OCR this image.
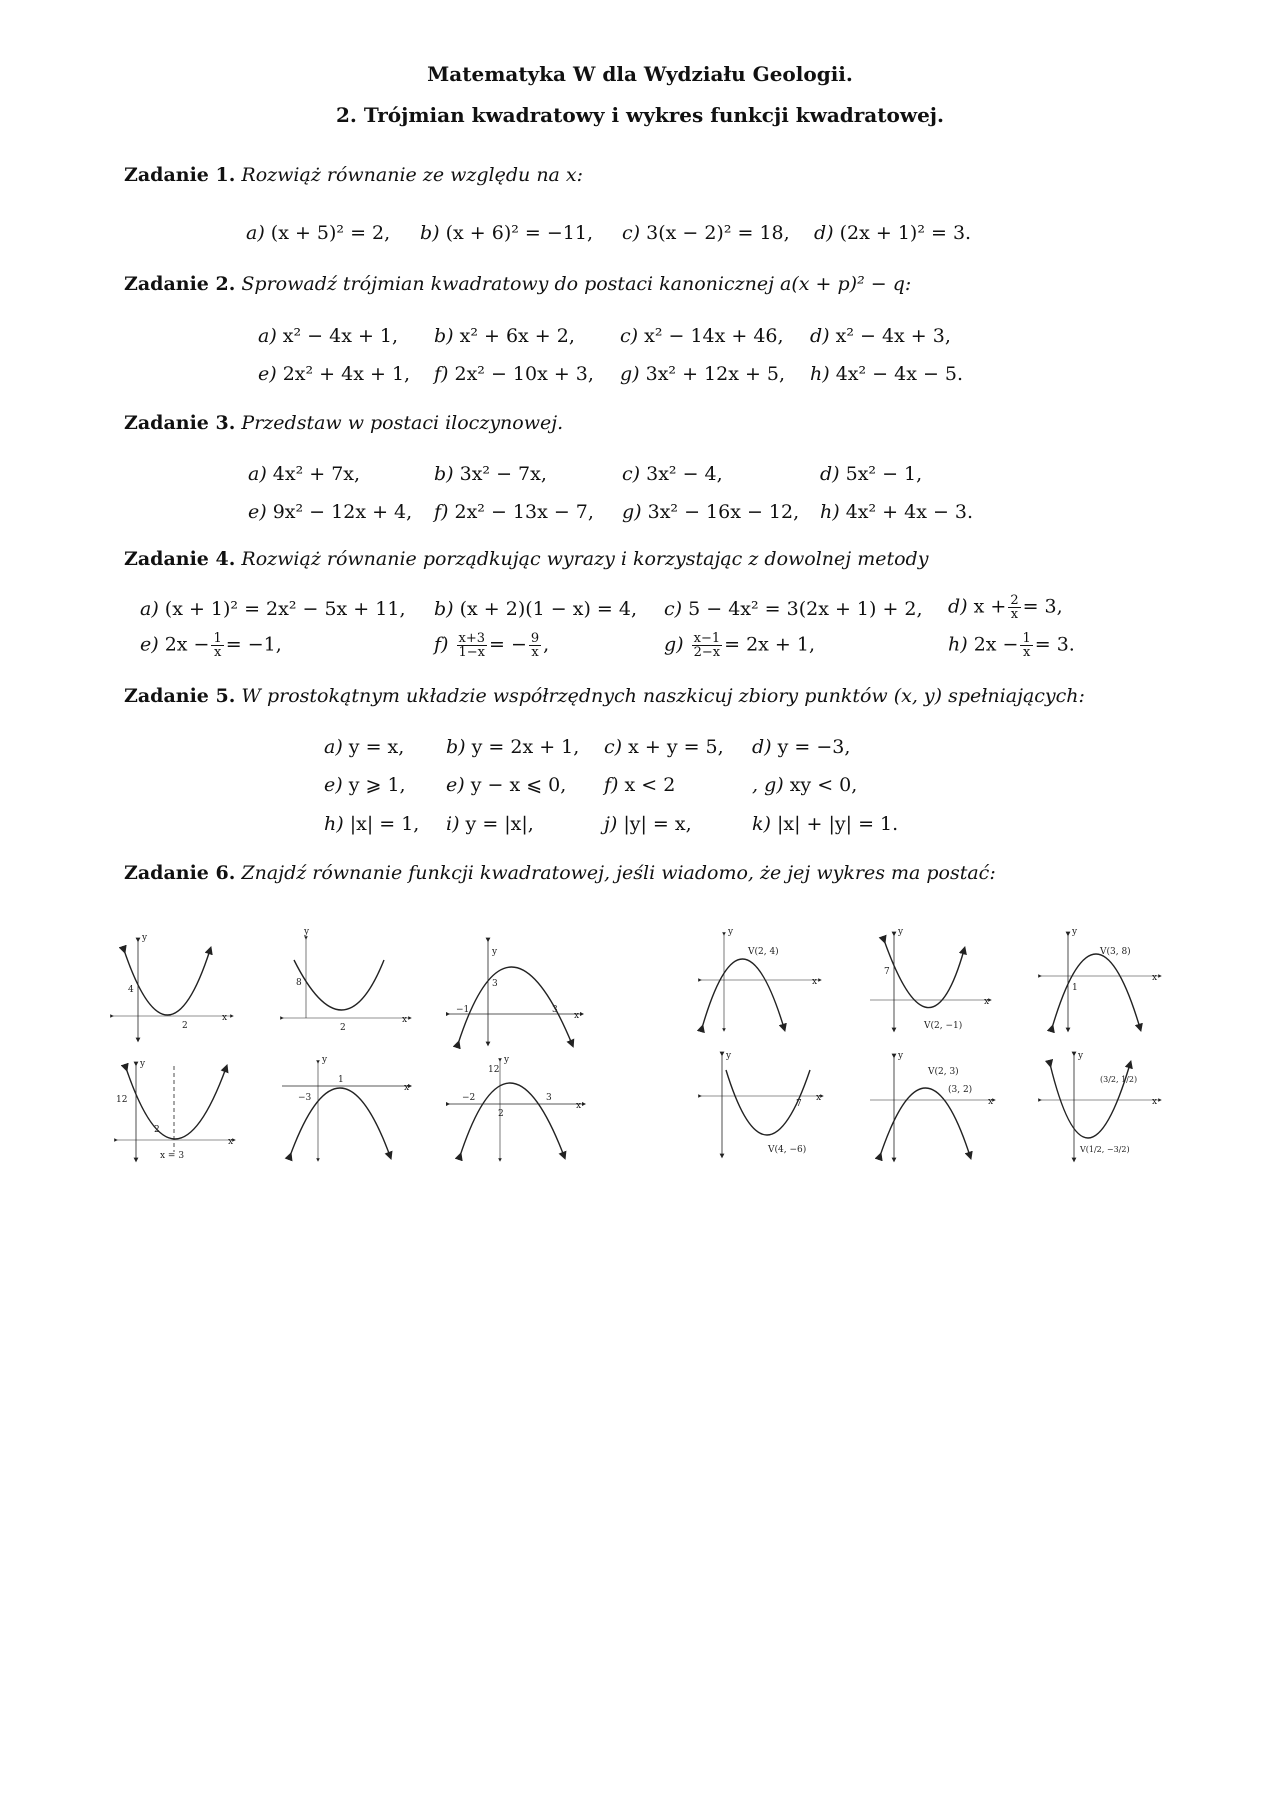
Matematyka W dla Wydziału Geologii.
2. Trójmian kwadratowy i wykres funkcji kwadratowej.
Zadanie 1. Rozwiąż równanie ze względu na x:
a) (x + 5)² = 2, b) (x + 6)² = −11, c) 3(x − 2)² = 18, d) (2x + 1)² = 3.
Zadanie 2. Sprowadź trójmian kwadratowy do postaci kanonicznej a(x + p)² − q:
a) x² − 4x + 1, b) x² + 6x + 2, c) x² − 14x + 46, d) x² − 4x + 3,
e) 2x² + 4x + 1, f) 2x² − 10x + 3, g) 3x² + 12x + 5, h) 4x² − 4x − 5.
Zadanie 3. Przedstaw w postaci iloczynowej.
a) 4x² + 7x,	b) 3x² − 7x,	c) 3x² − 4,	d) 5x² − 1,
e) 9x² − 12x + 4, f) 2x² − 13x − 7, g) 3x² − 16x − 12, h) 4x² + 4x − 3.
Zadanie 4. Rozwiąż równanie porządkując wyrazy i korzystając z dowolnej metody
a) (x + 1)² = 2x² − 5x + 11, b) (x + 2)(1 − x) = 4, c) 5 − 4x² = 3(2x + 1) + 2, d) $x + \frac{2}{x} = 3$,
e) $2x - \frac{1}{x} = -1$,	$f) \frac{x+3}{1-x}$ = − $\frac{9}{x}$ ,	$g) \frac{x-1}{2-x} = 2x + 1$,	h) $2x - \frac{1}{x} = 3$.
Zadanie 5. W prostokątnym układzie współrzędnych naszkicuj zbiory punktów (x, y) spełniających:
a) y = x, b) y = 2x + 1, c) x + y = 5, d) y = −3,
e) y ⩾ 1, e) y − x ⩽ 0, f) x < 2	, g) xy < 0,
h) |x| = 1, i) y = |x|,	j) |y| = x,	k) |x| + |y| = 1.
Zadanie 6. Znajdź równanie funkcji kwadratowej, jeśli wiadomo, że jej wykres ma postać:
y
x
4
2
y
x
8
2
y
x
3
−1	3
y
x
12
2
x = 3
y
x
1
−3
y
x
12
−2
2
3
y
x
V(2, 4)
y
x
7
V(2, −1)
y
x
V(3, 8)
1
y
x
7
V(4, −6)
y
x
V(2, 3)
(3, 2)
y
x
(3/2, 1/2)
V(1/2, −3/2)
